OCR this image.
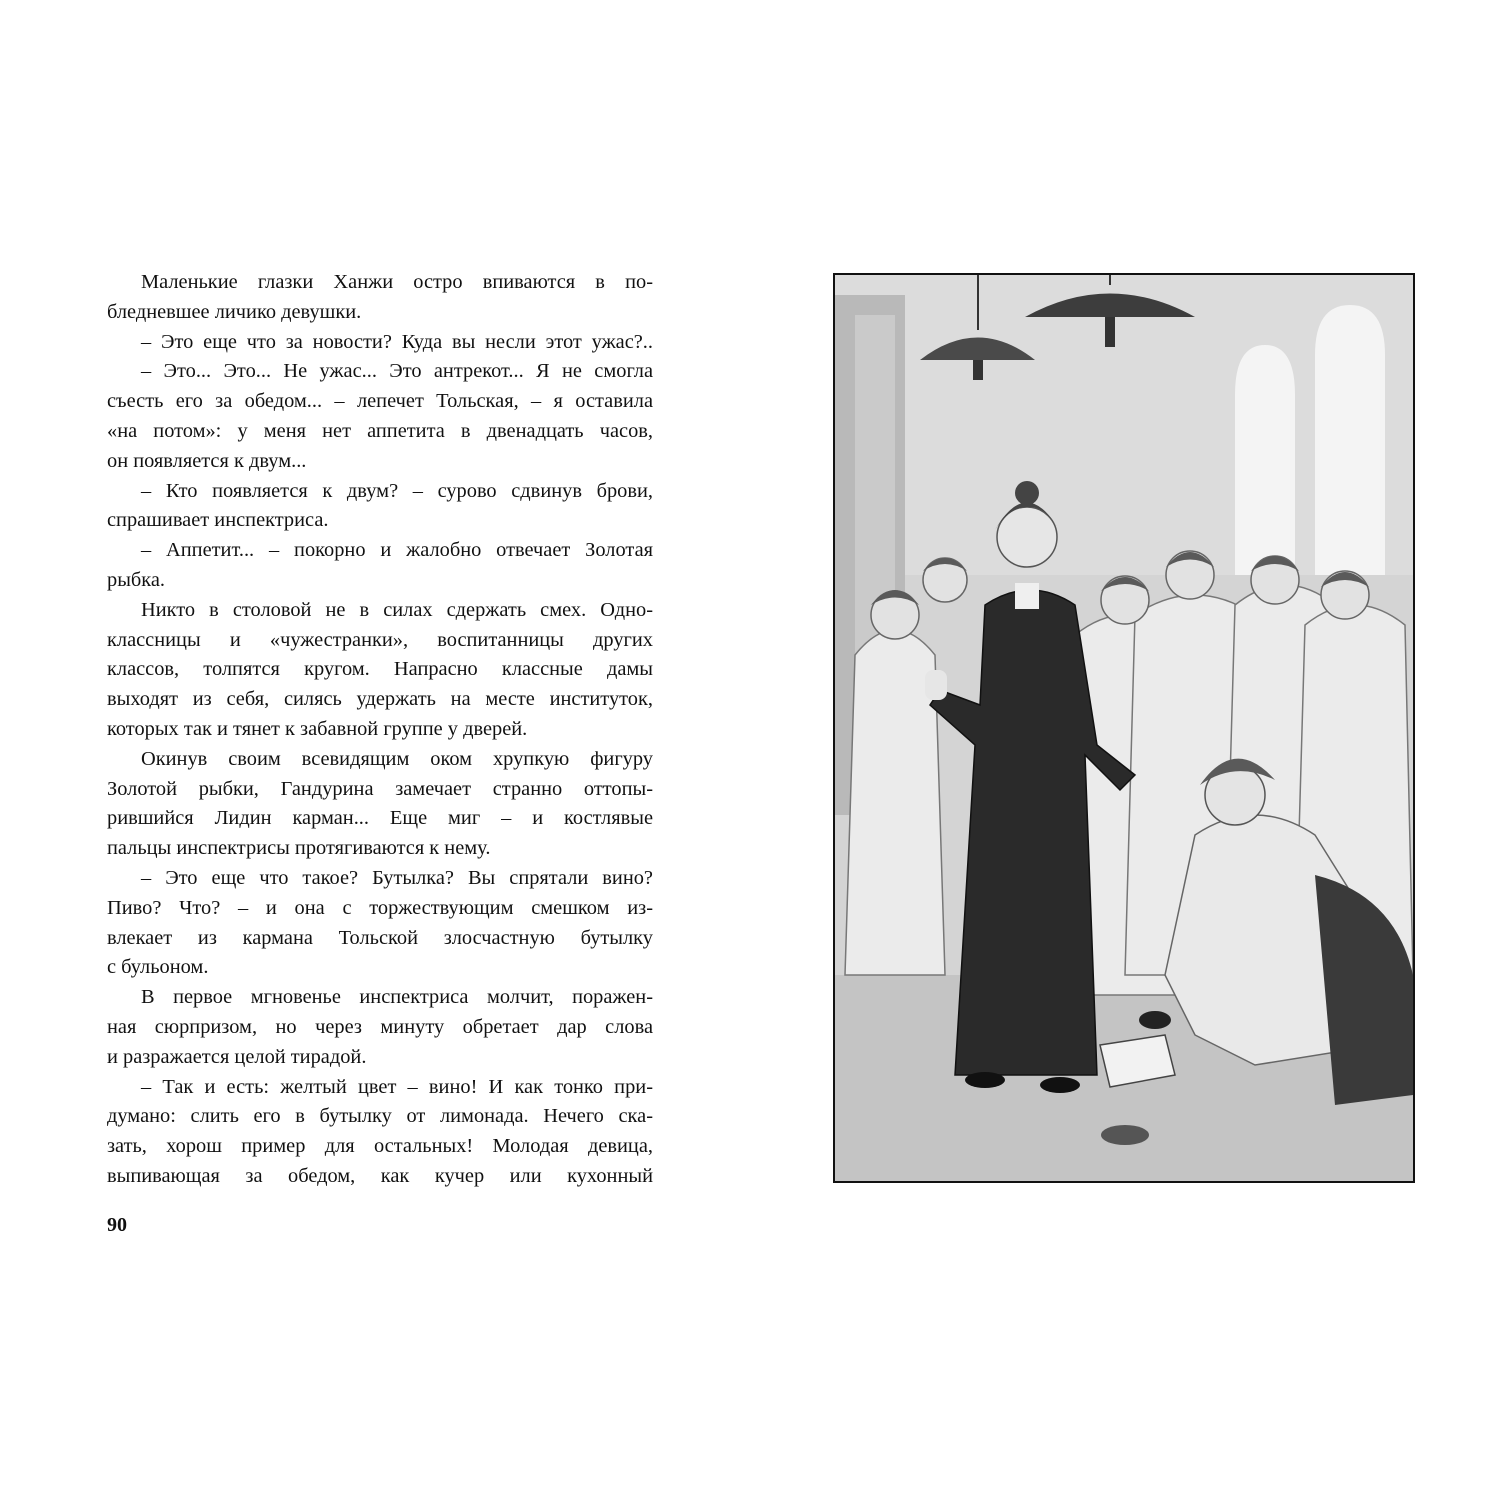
Маленькие глазки Ханжи остро впиваются в по-
бледневшее личико девушки.
– Это еще что за новости? Куда вы несли этот ужас?..
– Это... Это... Не ужас... Это антрекот... Я не смогла
съесть его за обедом... – лепечет Тольская, – я оставила
«на потом»: у меня нет аппетита в двенадцать часов,
он появляется к двум...
– Кто появляется к двум? – сурово сдвинув брови,
спрашивает инспектриса.
– Аппетит... – покорно и жалобно отвечает Золотая
рыбка.
Никто в столовой не в силах сдержать смех. Одно-
классницы и «чужестранки», воспитанницы других
классов, толпятся кругом. Напрасно классные дамы
выходят из себя, силясь удержать на месте институток,
которых так и тянет к забавной группе у дверей.
Окинув своим всевидящим оком хрупкую фигуру
Золотой рыбки, Гандурина замечает странно оттопы-
рившийся Лидин карман... Еще миг – и костлявые
пальцы инспектрисы протягиваются к нему.
– Это еще что такое? Бутылка? Вы спрятали вино?
Пиво? Что? – и она с торжествующим смешком из-
влекает из кармана Тольской злосчастную бутылку
с бульоном.
В первое мгновенье инспектриса молчит, поражен-
ная сюрпризом, но через минуту обретает дар слова
и разражается целой тирадой.
– Так и есть: желтый цвет – вино! И как тонко при-
думано: слить его в бутылку от лимонада. Нечего ска-
зать, хорош пример для остальных! Молодая девица,
выпивающая за обедом, как кучер или кухонный
90
